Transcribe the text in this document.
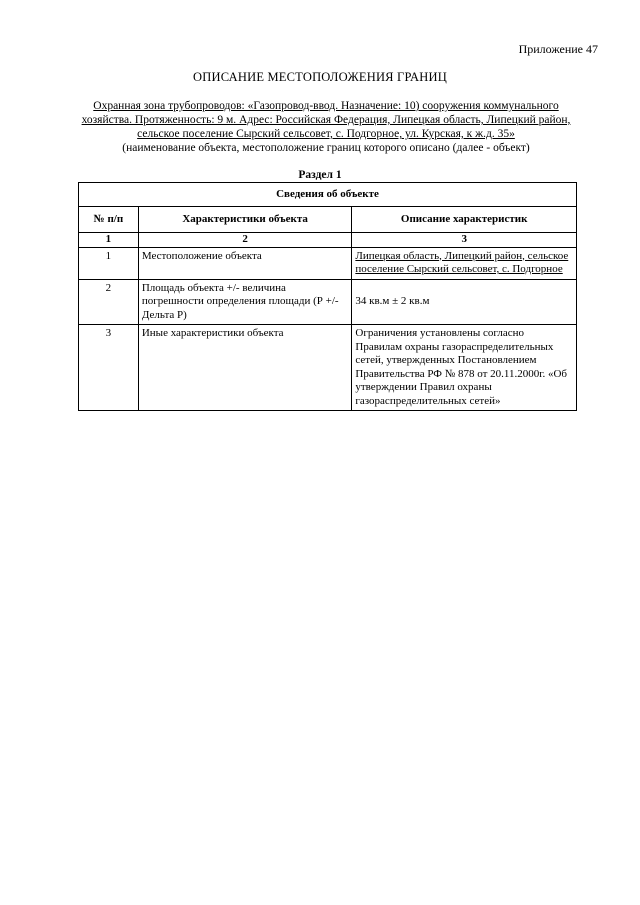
Приложение 47
ОПИСАНИЕ МЕСТОПОЛОЖЕНИЯ ГРАНИЦ
Охранная зона трубопроводов: «Газопровод-ввод. Назначение: 10) сооружения коммунального хозяйства. Протяженность: 9 м. Адрес: Российская Федерация, Липецкая область, Липецкий район, сельское поселение Сырский сельсовет, с. Подгорное, ул. Курская, к ж.д. 35»
(наименование объекта, местоположение границ которого описано (далее - объект)
Раздел 1
Сведения об объекте		
№ п/п	Характеристики объекта	Описание характеристик
1	2	3
1	Местоположение объекта	Липецкая область, Липецкий район, сельское поселение Сырский сельсовет, с. Подгорное
2	Площадь объекта +/- величина погрешности определения площади (Р +/- Дельта Р)	34 кв.м ± 2 кв.м
3	Иные характеристики объекта	Ограничения установлены согласно Правилам охраны газораспределительных сетей, утвержденных Постановлением Правительства РФ № 878 от 20.11.2000г. «Об утверждении Правил охраны газораспределительных сетей»
